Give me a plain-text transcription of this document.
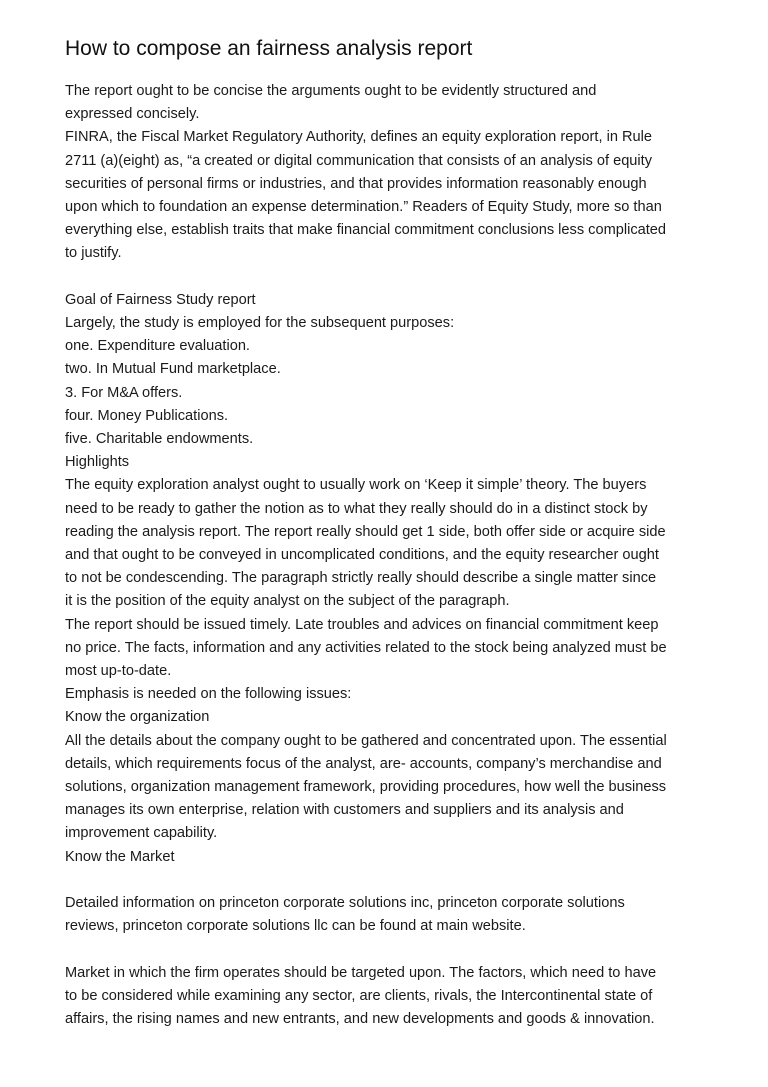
How to compose an fairness analysis report

The report ought to be concise the arguments ought to be evidently structured and

expressed concisely.

FINRA, the Fiscal Market Regulatory Authority, defines an equity exploration report, in Rule

2711 (a)(eight) as, “a created or digital communication that consists of an analysis of equity

securities of personal firms or industries, and that provides information reasonably enough

upon which to foundation an expense determination.” Readers of Equity Study, more so than

everything else, establish traits that make financial commitment conclusions less complicated

to justify.

Goal of Fairness Study report

Largely, the study is employed for the subsequent purposes:

one. Expenditure evaluation.

two. In Mutual Fund marketplace.

3. For M&A offers.

four. Money Publications.

five. Charitable endowments.

Highlights

The equity exploration analyst ought to usually work on ‘Keep it simple’ theory. The buyers

need to be ready to gather the notion as to what they really should do in a distinct stock by

reading the analysis report. The report really should get 1 side, both offer side or acquire side

and that ought to be conveyed in uncomplicated conditions, and the equity researcher ought

to not be condescending. The paragraph strictly really should describe a single matter since

it is the position of the equity analyst on the subject of the paragraph.

The report should be issued timely. Late troubles and advices on financial commitment keep

no price. The facts, information and any activities related to the stock being analyzed must be

most up-to-date.

Emphasis is needed on the following issues:

Know the organization

All the details about the company ought to be gathered and concentrated upon. The essential

details, which requirements focus of the analyst, are- accounts, company’s merchandise and

solutions, organization management framework, providing procedures, how well the business

manages its own enterprise, relation with customers and suppliers and its analysis and

improvement capability.

Know the Market

Detailed information on princeton corporate solutions inc, princeton corporate solutions

reviews, princeton corporate solutions llc can be found at main website.

Market in which the firm operates should be targeted upon. The factors, which need to have

to be considered while examining any sector, are clients, rivals, the Intercontinental state of

affairs, the rising names and new entrants, and new developments and goods & innovation.
